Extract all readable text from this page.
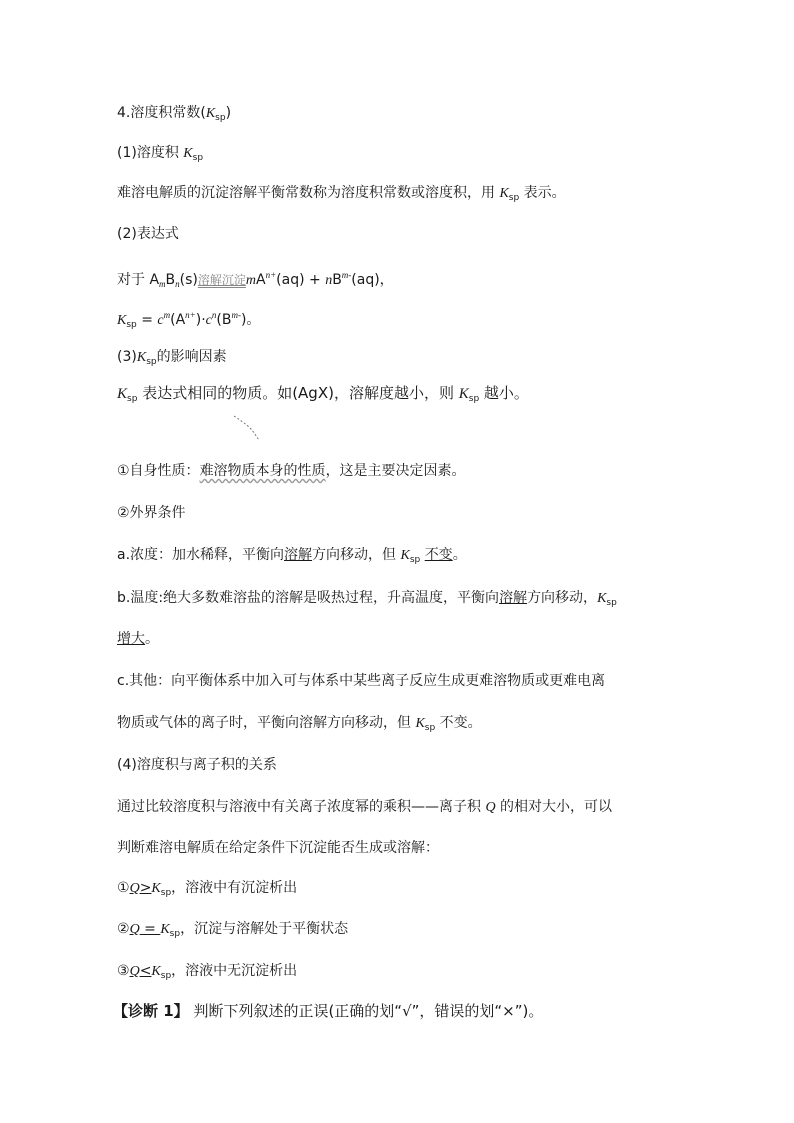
4.溶度积常数$(K_{sp})$
(1)溶度积 $K_{sp}$
难溶电解质的沉淀溶解平衡常数称为溶度积常数或溶度积，用 $K_{sp}$ 表示。
(2)表达式
对于 $A_mB_n(s)$溶解沉淀$mA^{n+}(aq) + nB^{m-}(aq)$，
$K_{sp} = c^m(A^{n+})\cdot c^n(B^{m-})$。
$(3)K_{sp}$的影响因素
$K_{sp}$ 表达式相同的物质。如(AgX)，溶解度越小，则 $K_{sp}$ 越小。
①自身性质：难溶物质本身的性质，这是主要决定因素。
②外界条件
a.浓度：加水稀释，平衡向溶解方向移动，但 $K_{sp}$ 不变。
b.温度:绝大多数难溶盐的溶解是吸热过程，升高温度，平衡向溶解方向移动，$K_{sp}$
增大。
c.其他：向平衡体系中加入可与体系中某些离子反应生成更难溶物质或更难电离
物质或气体的离子时，平衡向溶解方向移动，但 $K_{sp}$ 不变。
(4)溶度积与离子积的关系
通过比较溶度积与溶液中有关离子浓度幂的乘积——离子积 Q 的相对大小，可以
判断难溶电解质在给定条件下沉淀能否生成或溶解：
$①Q>K_{sp}$，溶液中有沉淀析出
②Q = $K_{sp}$，沉淀与溶解处于平衡状态
$③Q<K_{sp}$，溶液中无沉淀析出
【诊断 1】 判断下列叙述的正误(正确的划“√”，错误的划“×”)。
